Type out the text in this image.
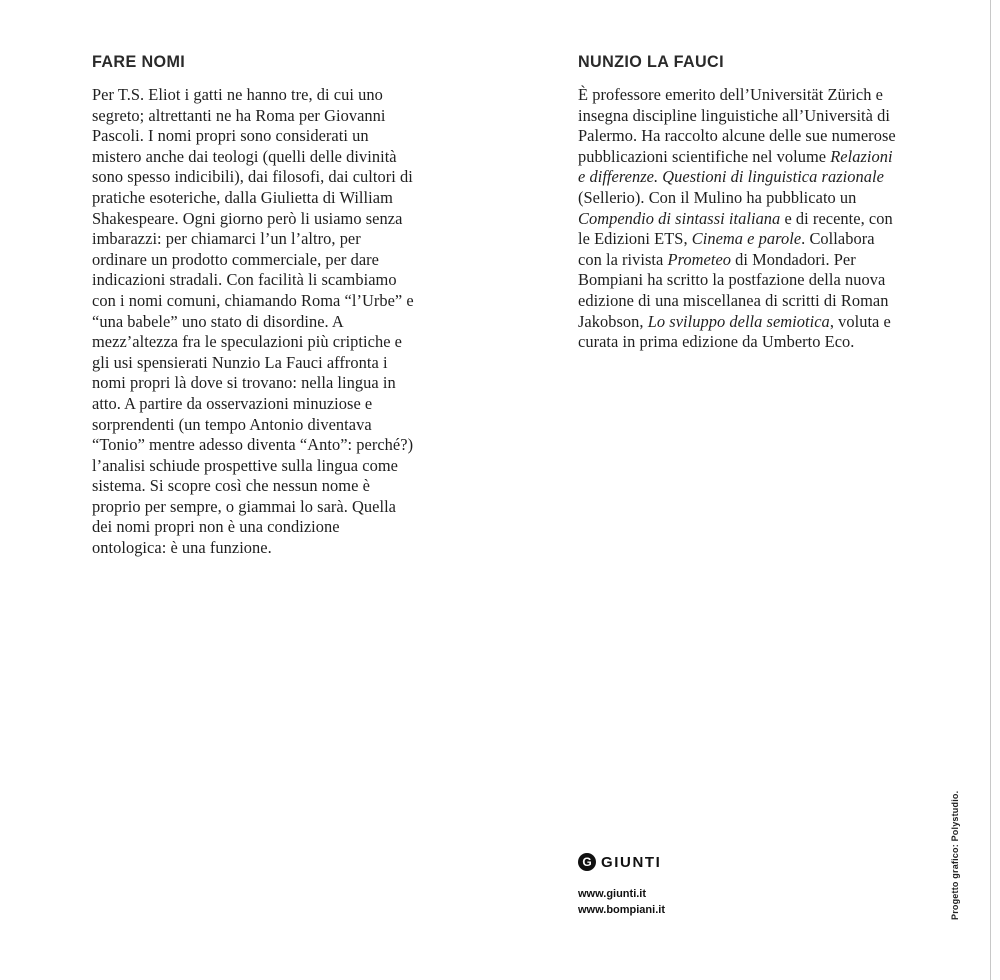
FARE NOMI

Per T.S. Eliot i gatti ne hanno tre, di cui uno segreto; altrettanti ne ha Roma per Giovanni Pascoli. I nomi propri sono considerati un mistero anche dai teologi (quelli delle divinità sono spesso indicibili), dai filosofi, dai cultori di pratiche esoteriche, dalla Giulietta di William Shakespeare. Ogni giorno però li usiamo senza imbarazzi: per chiamarci l’un l’altro, per ordinare un prodotto commerciale, per dare indicazioni stradali. Con facilità li scambiamo con i nomi comuni, chiamando Roma “l’Urbe” e “una babele” uno stato di disordine. A mezz’altezza fra le speculazioni più criptiche e gli usi spensierati Nunzio La Fauci affronta i nomi propri là dove si trovano: nella lingua in atto. A partire da osservazioni minuziose e sorprendenti (un tempo Antonio diventava “Tonio” mentre adesso diventa “Anto”: perché?) l’analisi schiude prospettive sulla lingua come sistema. Si scopre così che nessun nome è proprio per sempre, o giammai lo sarà. Quella dei nomi propri non è una condizione ontologica: è una funzione.

NUNZIO LA FAUCI

È professore emerito dell’Universität Zürich e insegna discipline linguistiche all’Università di Palermo. Ha raccolto alcune delle sue numerose pubblicazioni scientifiche nel volume Relazioni e differenze. Questioni di linguistica razionale (Sellerio). Con il Mulino ha pubblicato un Compendio di sintassi italiana e di recente, con le Edizioni ETS, Cinema e parole. Collabora con la rivista Prometeo di Mondadori. Per Bompiani ha scritto la postfazione della nuova edizione di una miscellanea di scritti di Roman Jakobson, Lo sviluppo della semiotica, voluta e curata in prima edizione da Umberto Eco.

G GIUNTI
www.giunti.it
www.bompiani.it	Progetto grafico: Polystudio.
